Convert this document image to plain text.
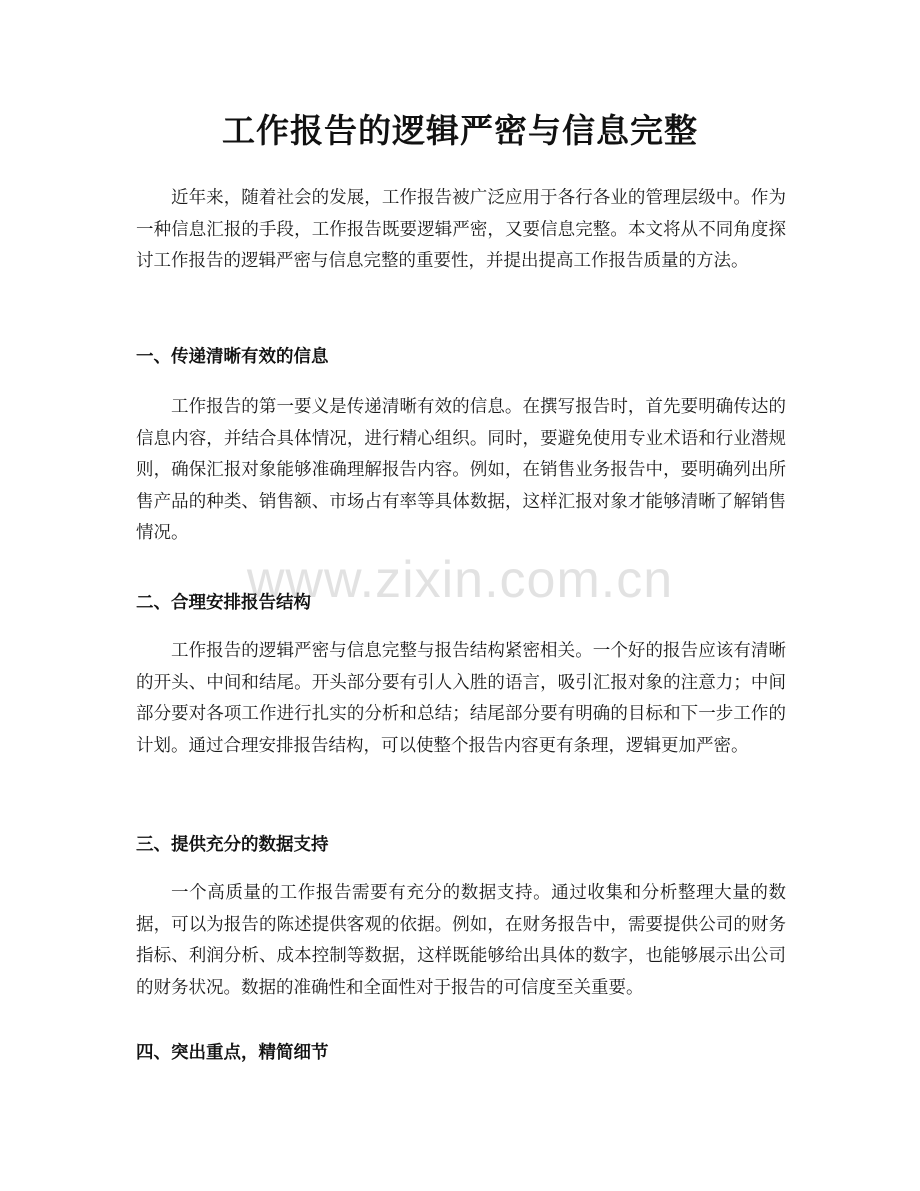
工作报告的逻辑严密与信息完整

近年来，随着社会的发展，工作报告被广泛应用于各行各业的管理层级中。作为一种信息汇报的手段，工作报告既要逻辑严密，又要信息完整。本文将从不同角度探讨工作报告的逻辑严密与信息完整的重要性，并提出提高工作报告质量的方法。

一、传递清晰有效的信息

工作报告的第一要义是传递清晰有效的信息。在撰写报告时，首先要明确传达的信息内容，并结合具体情况，进行精心组织。同时，要避免使用专业术语和行业潜规则，确保汇报对象能够准确理解报告内容。例如，在销售业务报告中，要明确列出所售产品的种类、销售额、市场占有率等具体数据，这样汇报对象才能够清晰了解销售情况。

二、合理安排报告结构

工作报告的逻辑严密与信息完整与报告结构紧密相关。一个好的报告应该有清晰的开头、中间和结尾。开头部分要有引人入胜的语言，吸引汇报对象的注意力；中间部分要对各项工作进行扎实的分析和总结；结尾部分要有明确的目标和下一步工作的计划。通过合理安排报告结构，可以使整个报告内容更有条理，逻辑更加严密。

三、提供充分的数据支持

一个高质量的工作报告需要有充分的数据支持。通过收集和分析整理大量的数据，可以为报告的陈述提供客观的依据。例如，在财务报告中，需要提供公司的财务指标、利润分析、成本控制等数据，这样既能够给出具体的数字，也能够展示出公司的财务状况。数据的准确性和全面性对于报告的可信度至关重要。

四、突出重点，精简细节
www.zixin.com.cn
